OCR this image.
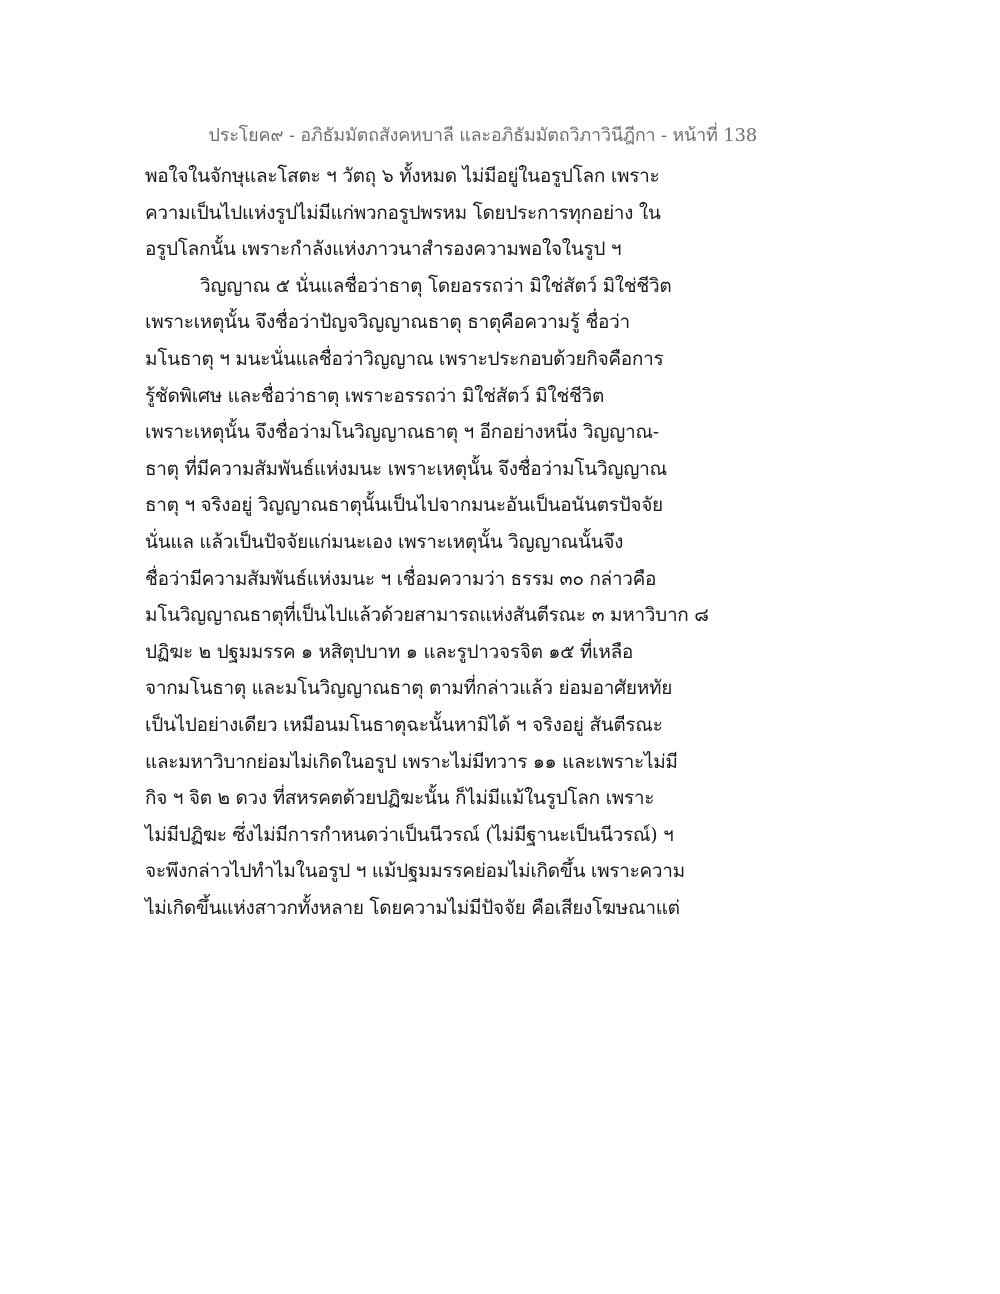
ประโยค๙ - อภิธัมมัตถสังคหบาลี และอภิธัมมัตถวิภาวินีฎีกา - หน้าที่ 138
พอใจในจักษุและโสตะ ฯ วัตถุ ๖ ทั้งหมด ไม่มีอยู่ในอรูปโลก เพราะ
ความเป็นไปแห่งรูปไม่มีแก่พวกอรูปพรหม โดยประการทุกอย่าง ใน
อรูปโลกนั้น เพราะกำลังแห่งภาวนาสำรองความพอใจในรูป ฯ
วิญญาณ ๕ นั่นแลชื่อว่าธาตุ โดยอรรถว่า มิใช่สัตว์ มิใช่ชีวิต
เพราะเหตุนั้น จึงชื่อว่าปัญจวิญญาณธาตุ ธาตุคือความรู้ ชื่อว่า
มโนธาตุ ฯ มนะนั่นแลชื่อว่าวิญญาณ เพราะประกอบด้วยกิจคือการ
รู้ชัดพิเศษ และชื่อว่าธาตุ เพราะอรรถว่า มิใช่สัตว์ มิใช่ชีวิต
เพราะเหตุนั้น จึงชื่อว่ามโนวิญญาณธาตุ ฯ อีกอย่างหนึ่ง วิญญาณ-
ธาตุ ที่มีความสัมพันธ์แห่งมนะ เพราะเหตุนั้น จึงชื่อว่ามโนวิญญาณ
ธาตุ ฯ จริงอยู่ วิญญาณธาตุนั้นเป็นไปจากมนะอันเป็นอนันตรปัจจัย
นั่นแล แล้วเป็นปัจจัยแก่มนะเอง เพราะเหตุนั้น วิญญาณนั้นจึง
ชื่อว่ามีความสัมพันธ์แห่งมนะ ฯ เชื่อมความว่า ธรรม ๓๐ กล่าวคือ
มโนวิญญาณธาตุที่เป็นไปแล้วด้วยสามารถแห่งสันตีรณะ ๓ มหาวิบาก ๘
ปฏิฆะ ๒ ปฐมมรรค ๑ หสิตุปบาท ๑ และรูปาวจรจิต ๑๕ ที่เหลือ
จากมโนธาตุ และมโนวิญญาณธาตุ ตามที่กล่าวแล้ว ย่อมอาศัยหทัย
เป็นไปอย่างเดียว เหมือนมโนธาตุฉะนั้นหามิได้ ฯ จริงอยู่ สันตีรณะ
และมหาวิบากย่อมไม่เกิดในอรูป เพราะไม่มีทวาร ๑๑ และเพราะไม่มี
กิจ ฯ จิต ๒ ดวง ที่สหรคตด้วยปฏิฆะนั้น ก็ไม่มีแม้ในรูปโลก เพราะ
ไม่มีปฏิฆะ ซึ่งไม่มีการกำหนดว่าเป็นนีวรณ์ (ไม่มีฐานะเป็นนีวรณ์) ฯ
จะพึงกล่าวไปทำไมในอรูป ฯ แม้ปฐมมรรคย่อมไม่เกิดขึ้น เพราะความ
ไม่เกิดขึ้นแห่งสาวกทั้งหลาย โดยความไม่มีปัจจัย คือเสียงโฆษณาแต่
